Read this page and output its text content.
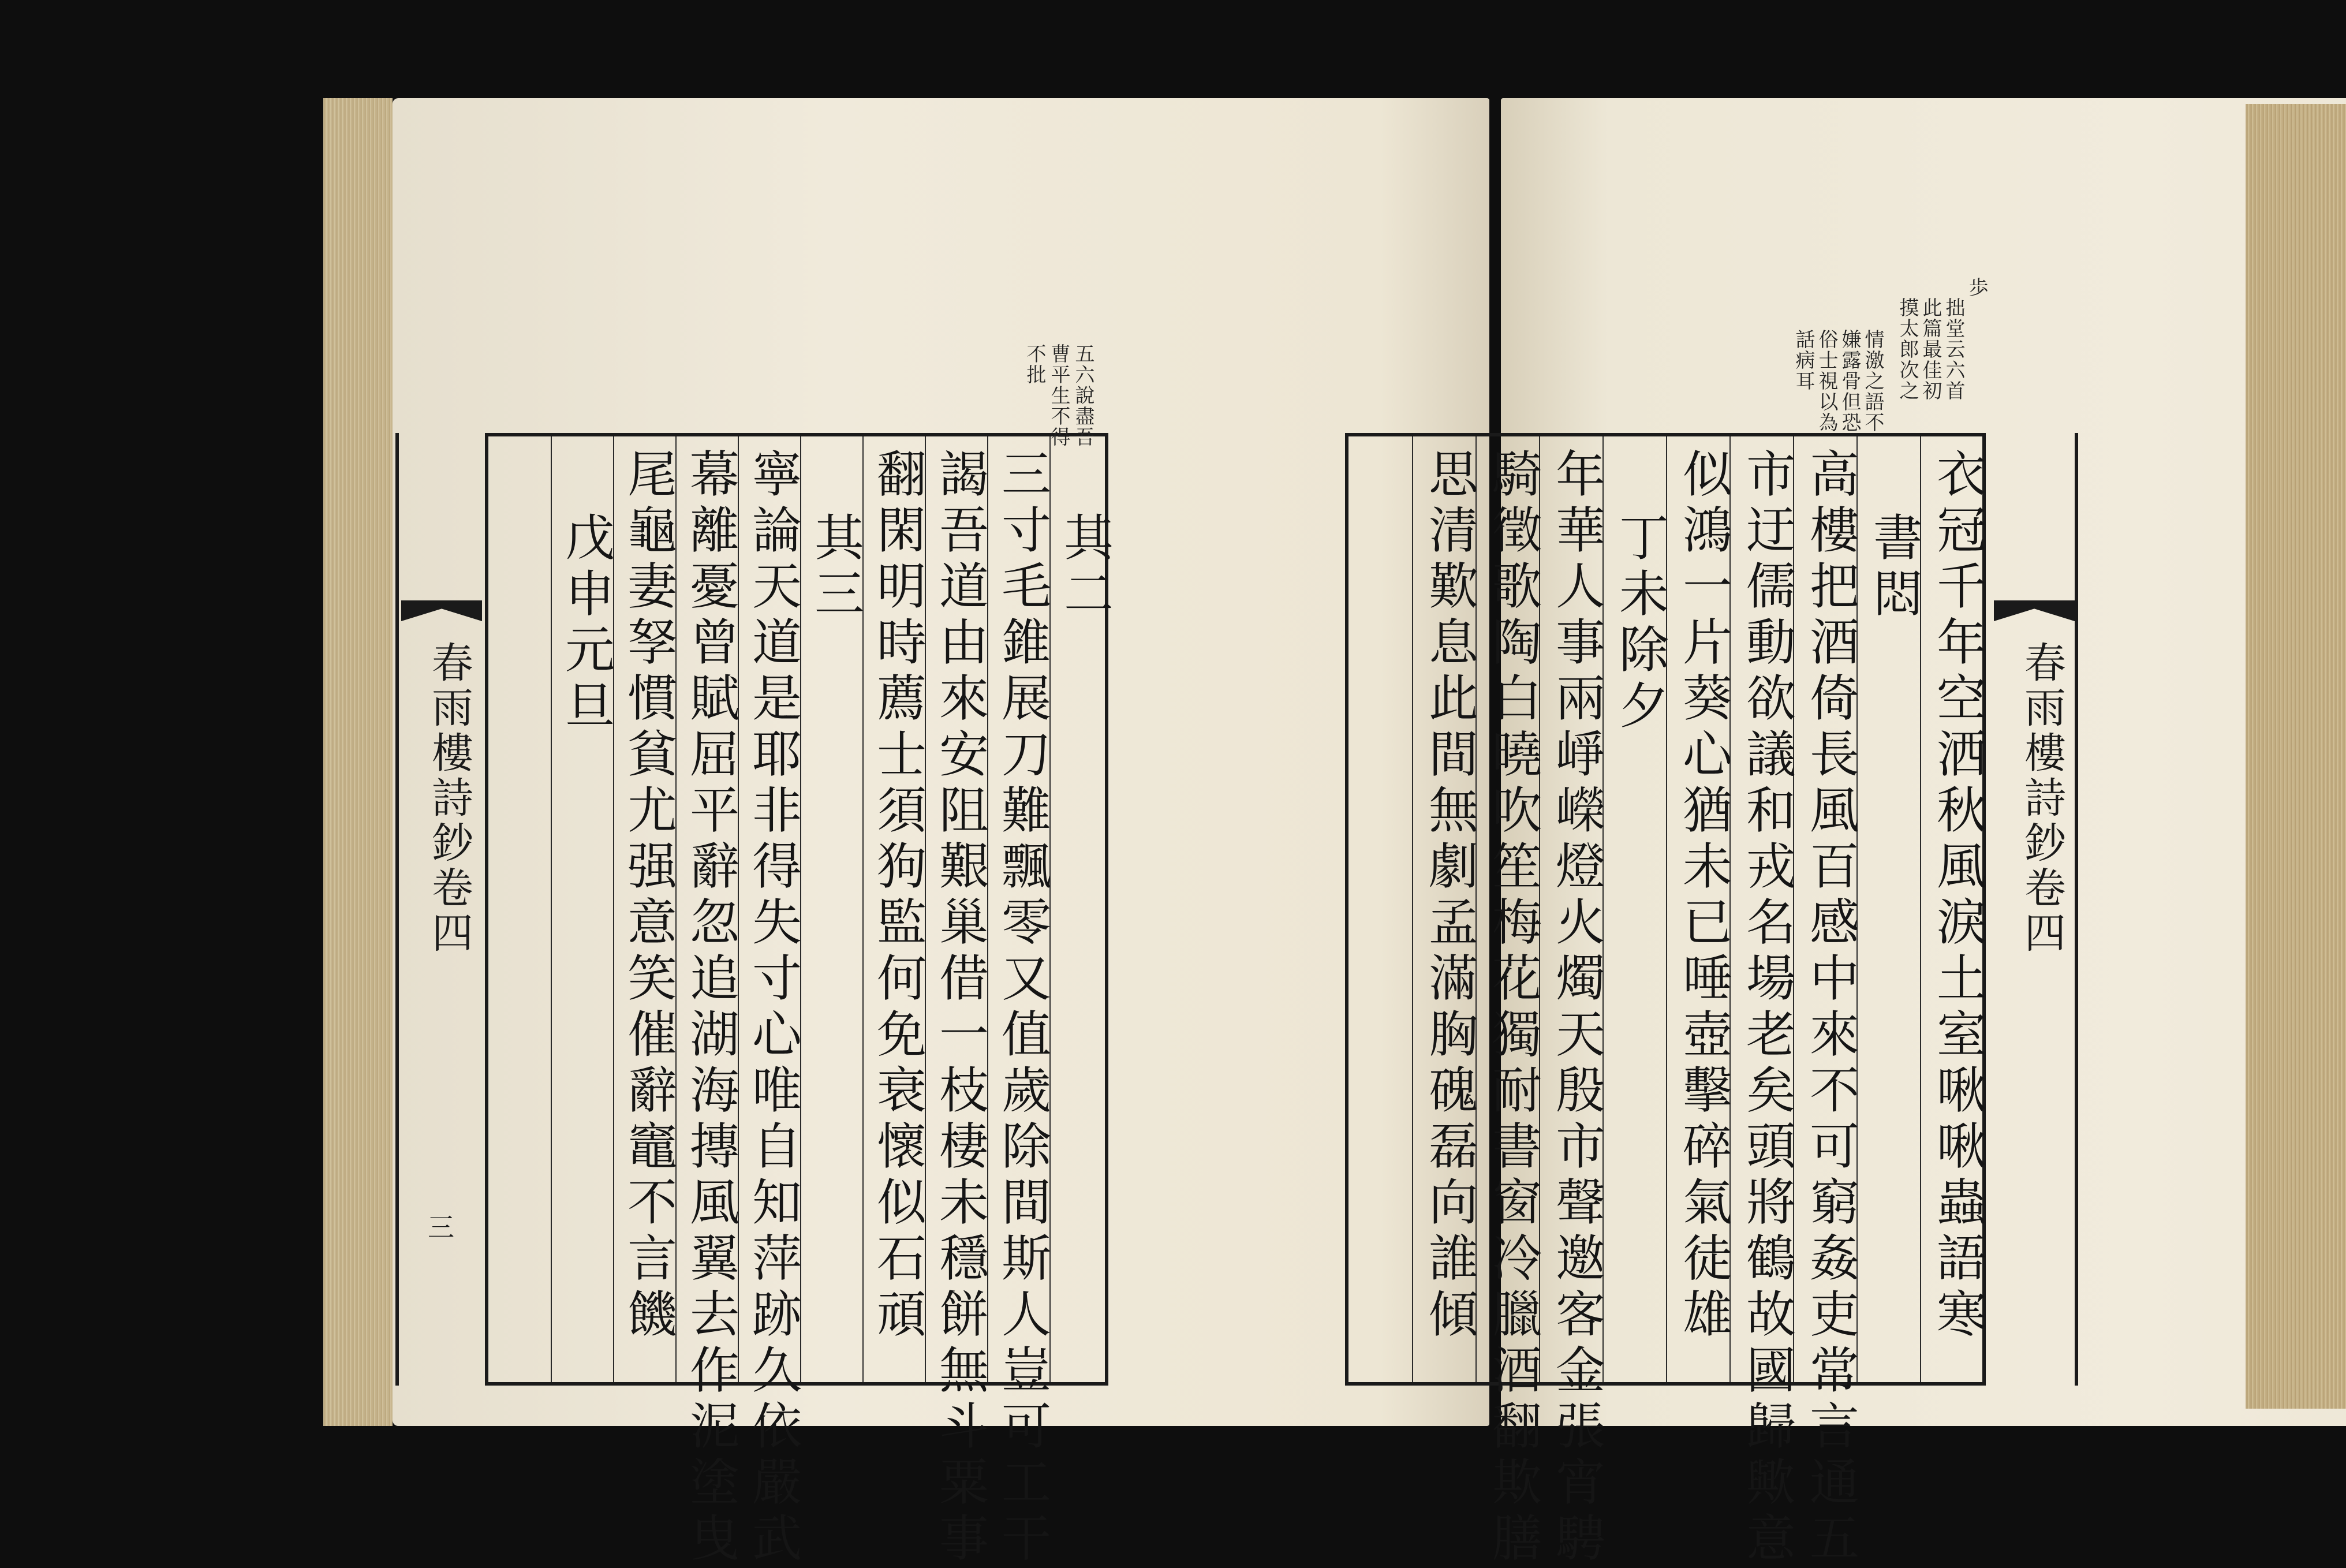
春雨樓詩鈔卷四
三
其二
三寸毛錐展刀難飄零又值歲除間斯人豈可工干
謁吾道由來安阻艱巢借一枝棲未穩餅無斗粟事
翻閑明時薦士須狗監何免衰懷似石頑
其三
寧論天道是耶非得失寸心唯自知萍跡久依嚴武
幕離憂曾賦屈平辭忽追湖海摶風翼去作泥塗曳
尾龜妻孥慣貧尤强意笑催辭竈不言饑
戊申元旦
五六說盡吾
曹平生不得
不批
衣冠千年空洒秋風淚土室啾啾蟲語寒
書悶
高樓把酒倚長風百感中來不可窮姦吏常言通五
市迂儒動欲議和戎名場老矣頭將鶴故國歸歟意
似鴻一片葵心猶未已唾壺擊碎氣徒雄
丁未除夕
年華人事兩崢嶸燈火燭天殷市聲邀客金張宵騁
騎徵歌陶白曉吹笙梅花獨耐書窗冷臘酒翻欺膳
思清歎息此間無劇孟滿胸磈磊向誰傾	春雨樓詩鈔卷四
歩
拙堂云六首
此篇最佳初
摸太郎次之
情激之語不
嫌露骨但恐
俗士視以為
話病耳
